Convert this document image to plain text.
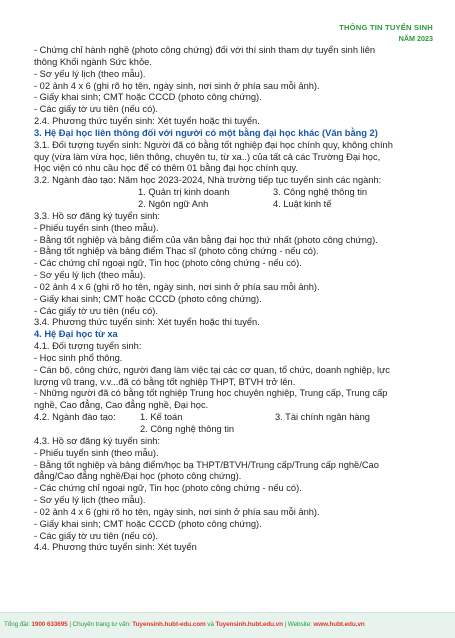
THÔNG TIN TUYỂN SINH
NĂM 2023
- Chứng chỉ hành nghề (photo công chứng) đối với thí sinh tham dự tuyển sinh liên
thông Khối ngành Sức khỏe.
- Sơ yếu lý lịch (theo mẫu).
- 02 ảnh 4 x 6 (ghi rõ họ tên, ngày sinh, nơi sinh ở phía sau mỗi ảnh).
- Giấy khai sinh; CMT hoặc CCCD (photo công chứng).
- Các giấy tờ ưu tiên (nếu có).
2.4. Phương thức tuyển sinh: Xét tuyển hoặc thi tuyển.
3. Hệ Đại học liên thông đối với người có một bằng đại học khác (Văn bằng 2)
3.1. Đối tượng tuyển sinh: Người đã có bằng tốt nghiệp đại học chính quy, không chính
quy (vừa làm vừa học, liên thông, chuyên tu, từ xa..) của tất cả các Trường Đại học,
Học viện có nhu cầu học để có thêm 01 bằng đại học chính quy.
3.2. Ngành đào tạo: Năm học 2023-2024, Nhà trường tiếp tục tuyển sinh các ngành:
1. Quản trị kinh doanh	3. Công nghệ thông tin
2. Ngôn ngữ Anh	4. Luật kinh tế
3.3. Hồ sơ đăng ký tuyển sinh:
- Phiếu tuyển sinh (theo mẫu).
- Bằng tốt nghiệp và bảng điểm của văn bằng đại học thứ nhất (photo công chứng).
- Bằng tốt nghiệp và bảng điểm Thạc sĩ (photo công chứng - nếu có).
- Các chứng chỉ ngoại ngữ, Tin học (photo công chứng - nếu có).
- Sơ yếu lý lịch (theo mẫu).
- 02 ảnh 4 x 6 (ghi rõ họ tên, ngày sinh, nơi sinh ở phía sau mỗi ảnh).
- Giấy khai sinh; CMT hoặc CCCD (photo công chứng).
- Các giấy tờ ưu tiên (nếu có).
3.4. Phương thức tuyển sinh: Xét tuyển hoặc thi tuyển.
4. Hệ Đại học từ xa
4.1. Đối tượng tuyển sinh:
- Học sinh phổ thông.
- Cán bộ, công chức, người đang làm việc tại các cơ quan, tổ chức, doanh nghiệp, lực
lượng vũ trang, v.v...đã có bằng tốt nghiệp THPT, BTVH trở lên.
- Những người đã có bằng tốt nghiệp Trung học chuyên nghiệp, Trung cấp, Trung cấp
nghề, Cao đẳng, Cao đẳng nghề, Đại học.
4.2. Ngành đào tạo:	1. Kế toán	3. Tài chính ngân hàng
2. Công nghệ thông tin
4.3. Hồ sơ đăng ký tuyển sinh:
- Phiếu tuyển sinh (theo mẫu).
- Bằng tốt nghiệp và bảng điểm/học bạ THPT/BTVH/Trung cấp/Trung cấp nghề/Cao
đẳng/Cao đẳng nghề/Đại học (photo công chứng).
- Các chứng chỉ ngoại ngữ, Tin học (photo công chứng - nếu có).
- Sơ yếu lý lịch (theo mẫu).
- 02 ảnh 4 x 6 (ghi rõ họ tên, ngày sinh, nơi sinh ở phía sau mỗi ảnh).
- Giấy khai sinh; CMT hoặc CCCD (photo công chứng).
- Các giấy tờ ưu tiên (nếu có).
4.4. Phương thức tuyển sinh: Xét tuyển
Tổng đài: 1900 633695 | Chuyên trang tư vấn: Tuyensinh.hubt-edu.com và Tuyensinh.hubt.edu.vn | Website: www.hubt.edu.vn
